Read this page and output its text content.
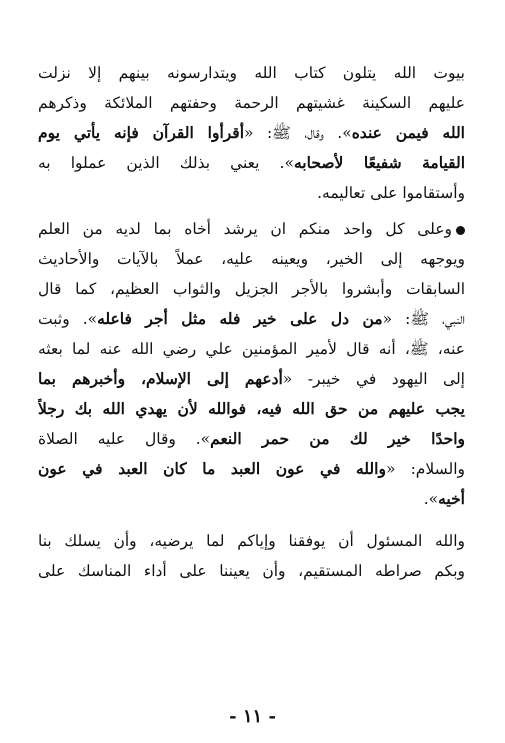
بيوت الله يتلون كتاب الله ويتدارسونه بينهم إلا نزلت
عليهم السكينة غشيتهم الرحمة وحفتهم الملائكة وذكرهم
الله فيمن عنده». وقال، ﷺ: «أقرأوا القرآن فإنه يأتي يوم
القيامة شفيعًا لأصحابه». يعني بذلك الذين عملوا به
وأستقاموا على تعاليمه.
وعلى كل واحد منكم ان يرشد أخاه بما لديه من العلم
ويوجهه إلى الخير، ويعينه عليه، عملاً بالآيات والأحاديث
السابقات وأبشروا بالأجر الجزيل والثواب العظيم، كما قال
النبي، ﷺ: «من دل على خير فله مثل أجر فاعله». وثبت
عنه، ﷺ، أنه قال لأمير المؤمنين علي رضي الله عنه لما بعثه
إلى اليهود في خيبر- «أدعهم إلى الإسلام، وأخبرهم بما
يجب عليهم من حق الله فيه، فوالله لأن يهدي الله بك رجلاً
واحدًا خير لك من حمر النعم». وقال عليه الصلاة
والسلام: «والله في عون العبد ما كان العبد في عون
أخيه».
والله المسئول أن يوفقنا وإياكم لما يرضيه، وأن يسلك بنا
وبكم صراطه المستقيم، وأن يعيننا على أداء المناسك على
- ١١ -
